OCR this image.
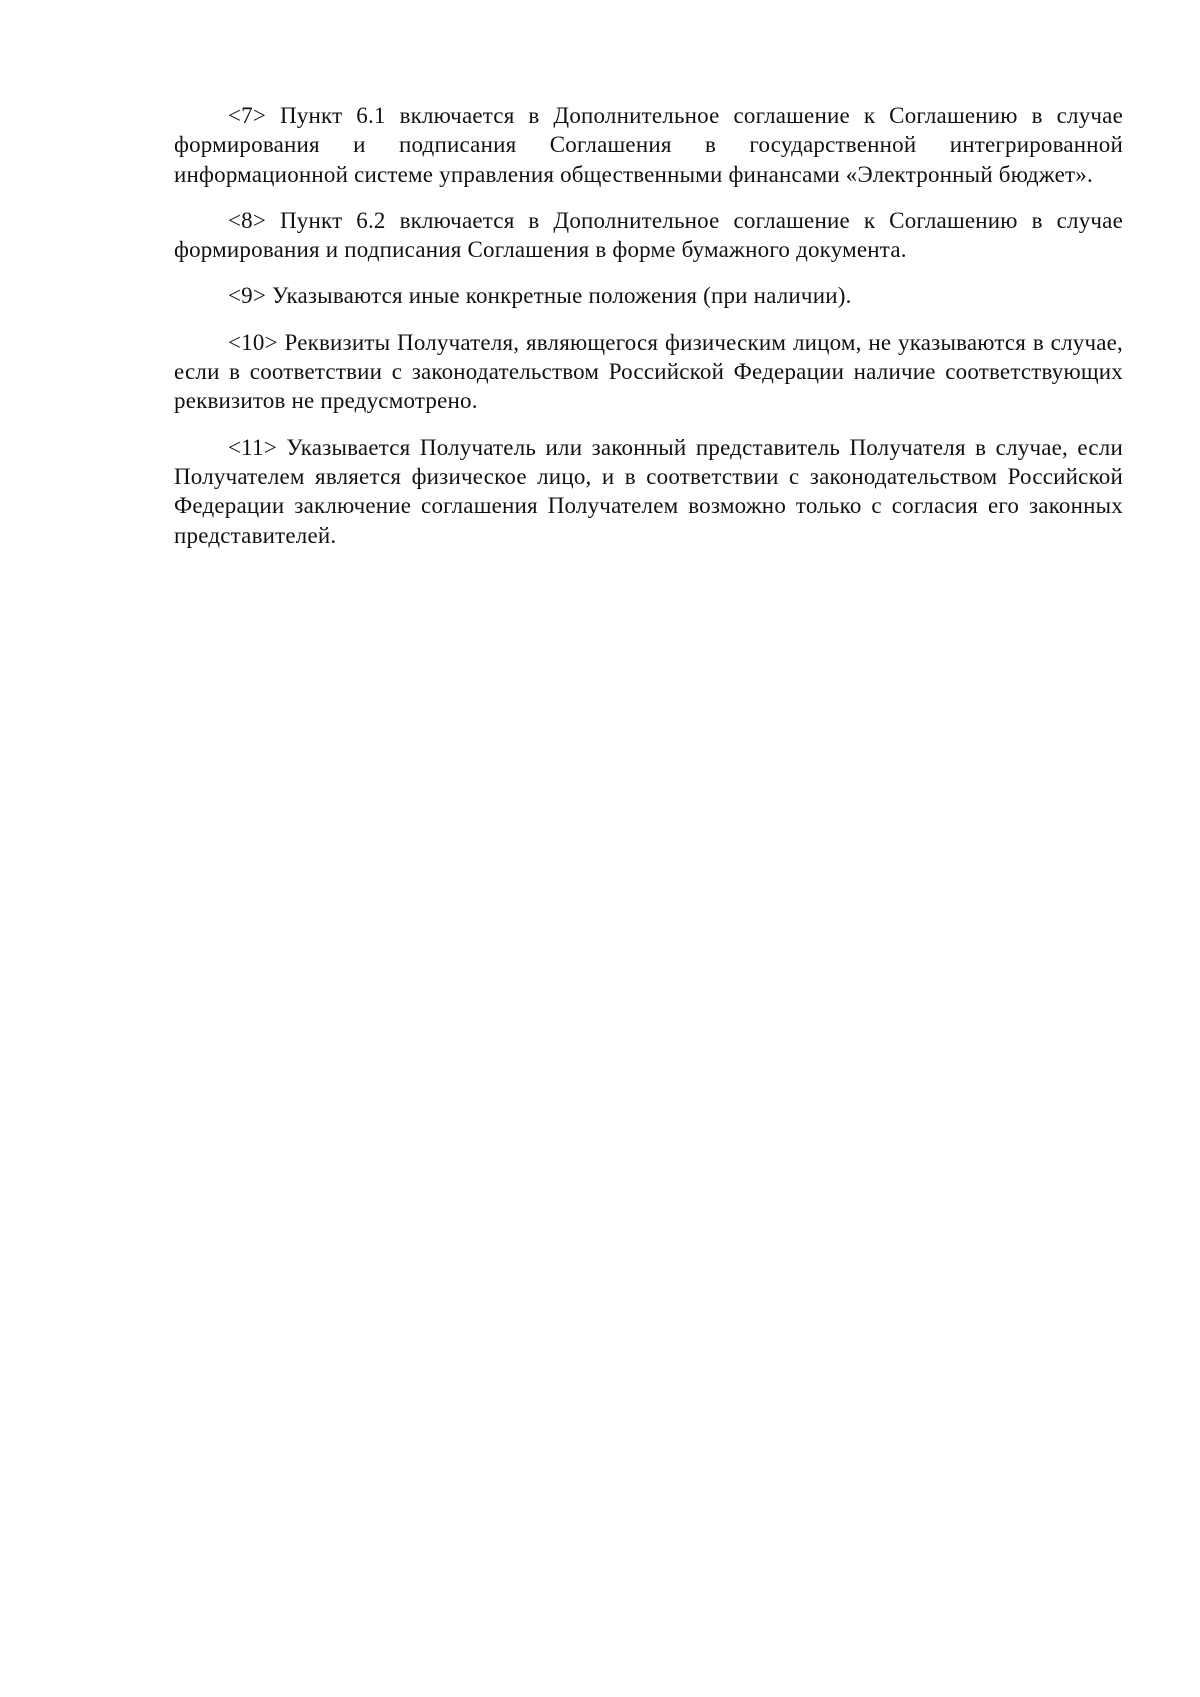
<7> Пункт 6.1 включается в Дополнительное соглашение к Соглашению в случае формирования и подписания Соглашения в государственной интегрированной информационной системе управления общественными финансами «Электронный бюджет».

<8> Пункт 6.2 включается в Дополнительное соглашение к Соглашению в случае формирования и подписания Соглашения в форме бумажного документа.

<9> Указываются иные конкретные положения (при наличии).

<10> Реквизиты Получателя, являющегося физическим лицом, не указываются в случае, если в соответствии с законодательством Российской Федерации наличие соответствующих реквизитов не предусмотрено.

<11> Указывается Получатель или законный представитель Получателя в случае, если Получателем является физическое лицо, и в соответствии с законодательством Российской Федерации заключение соглашения Получателем возможно только с согласия его законных представителей.
